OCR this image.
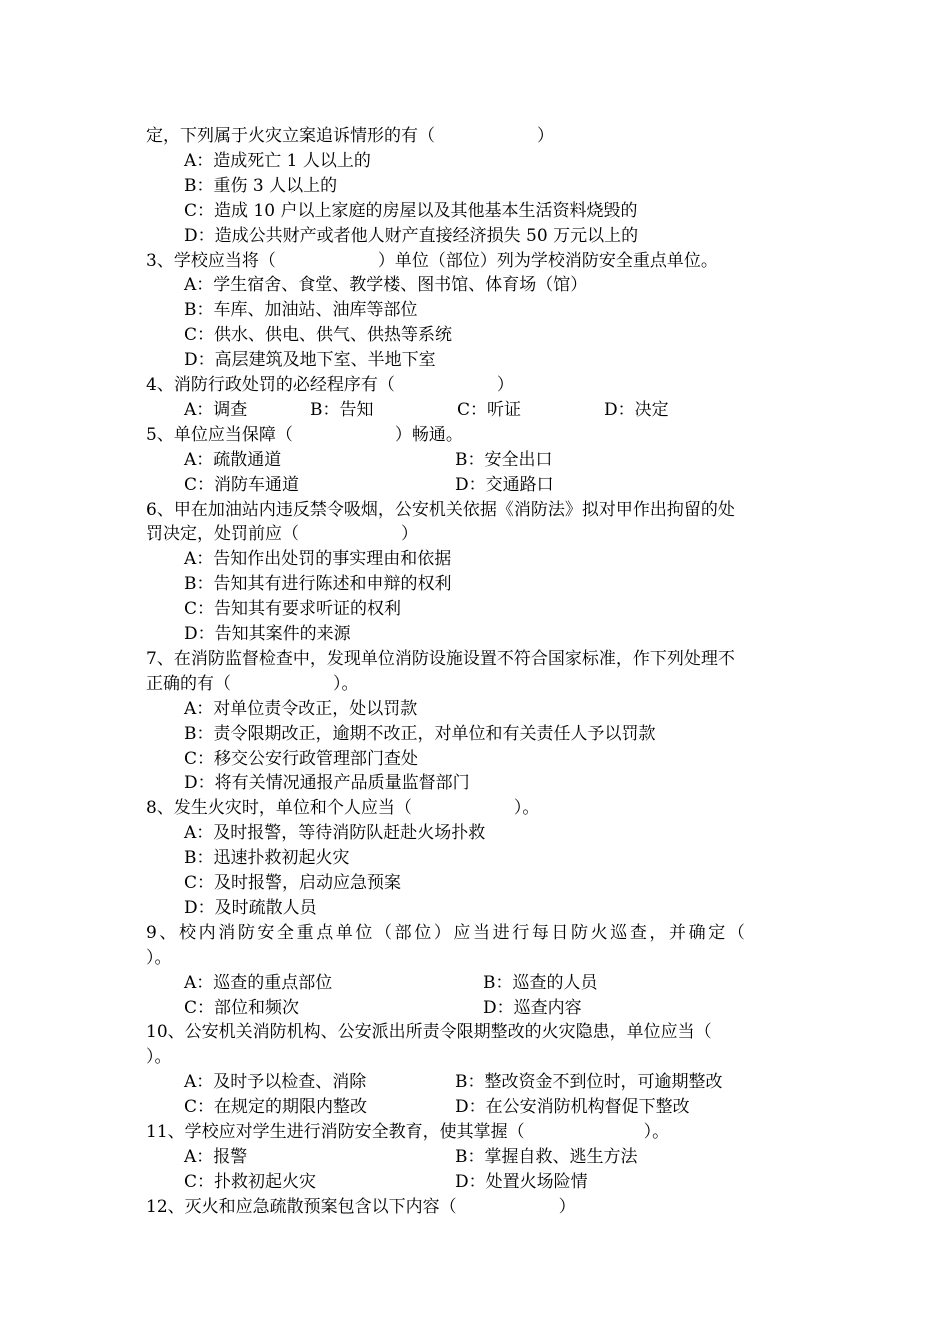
定，下列属于火灾立案追诉情形的有（　　　　　　）
A：造成死亡 1 人以上的
B：重伤 3 人以上的
C：造成 10 户以上家庭的房屋以及其他基本生活资料烧毁的
D：造成公共财产或者他人财产直接经济损失 50 万元以上的
3、学校应当将（　　　　　　）单位（部位）列为学校消防安全重点单位。
A：学生宿舍、食堂、教学楼、图书馆、体育场（馆）
B：车库、加油站、油库等部位
C：供水、供电、供气、供热等系统
D：高层建筑及地下室、半地下室
4、消防行政处罚的必经程序有（　　　　　　）
A：调查	B：告知	C：听证	D：决定
5、单位应当保障（　　　　　　）畅通。
A：疏散通道	B：安全出口
C：消防车通道	D：交通路口
6、甲在加油站内违反禁令吸烟，公安机关依据《消防法》拟对甲作出拘留的处
罚决定，处罚前应（　　　　　　）
A：告知作出处罚的事实理由和依据
B：告知其有进行陈述和申辩的权利
C：告知其有要求听证的权利
D：告知其案件的来源
7、在消防监督检查中，发现单位消防设施设置不符合国家标准，作下列处理不
正确的有（　　　　　　）。
A：对单位责令改正，处以罚款
B：责令限期改正，逾期不改正，对单位和有关责任人予以罚款
C：移交公安行政管理部门查处
D：将有关情况通报产品质量监督部门
8、发生火灾时，单位和个人应当（　　　　　　）。
A：及时报警，等待消防队赶赴火场扑救
B：迅速扑救初起火灾
C：及时报警，启动应急预案
D：及时疏散人员
9、校内消防安全重点单位（部位）应当进行每日防火巡查，并确定（
）。
A：巡查的重点部位	B：巡查的人员
C：部位和频次	D：巡查内容
10、公安机关消防机构、公安派出所责令限期整改的火灾隐患，单位应当（
）。
A：及时予以检查、消除	B：整改资金不到位时，可逾期整改
C：在规定的期限内整改	D：在公安消防机构督促下整改
11、学校应对学生进行消防安全教育，使其掌握（　　　　　　　）。
A：报警	B：掌握自救、逃生方法
C：扑救初起火灾	D：处置火场险情
12、灭火和应急疏散预案包含以下内容（　　　　　　）
